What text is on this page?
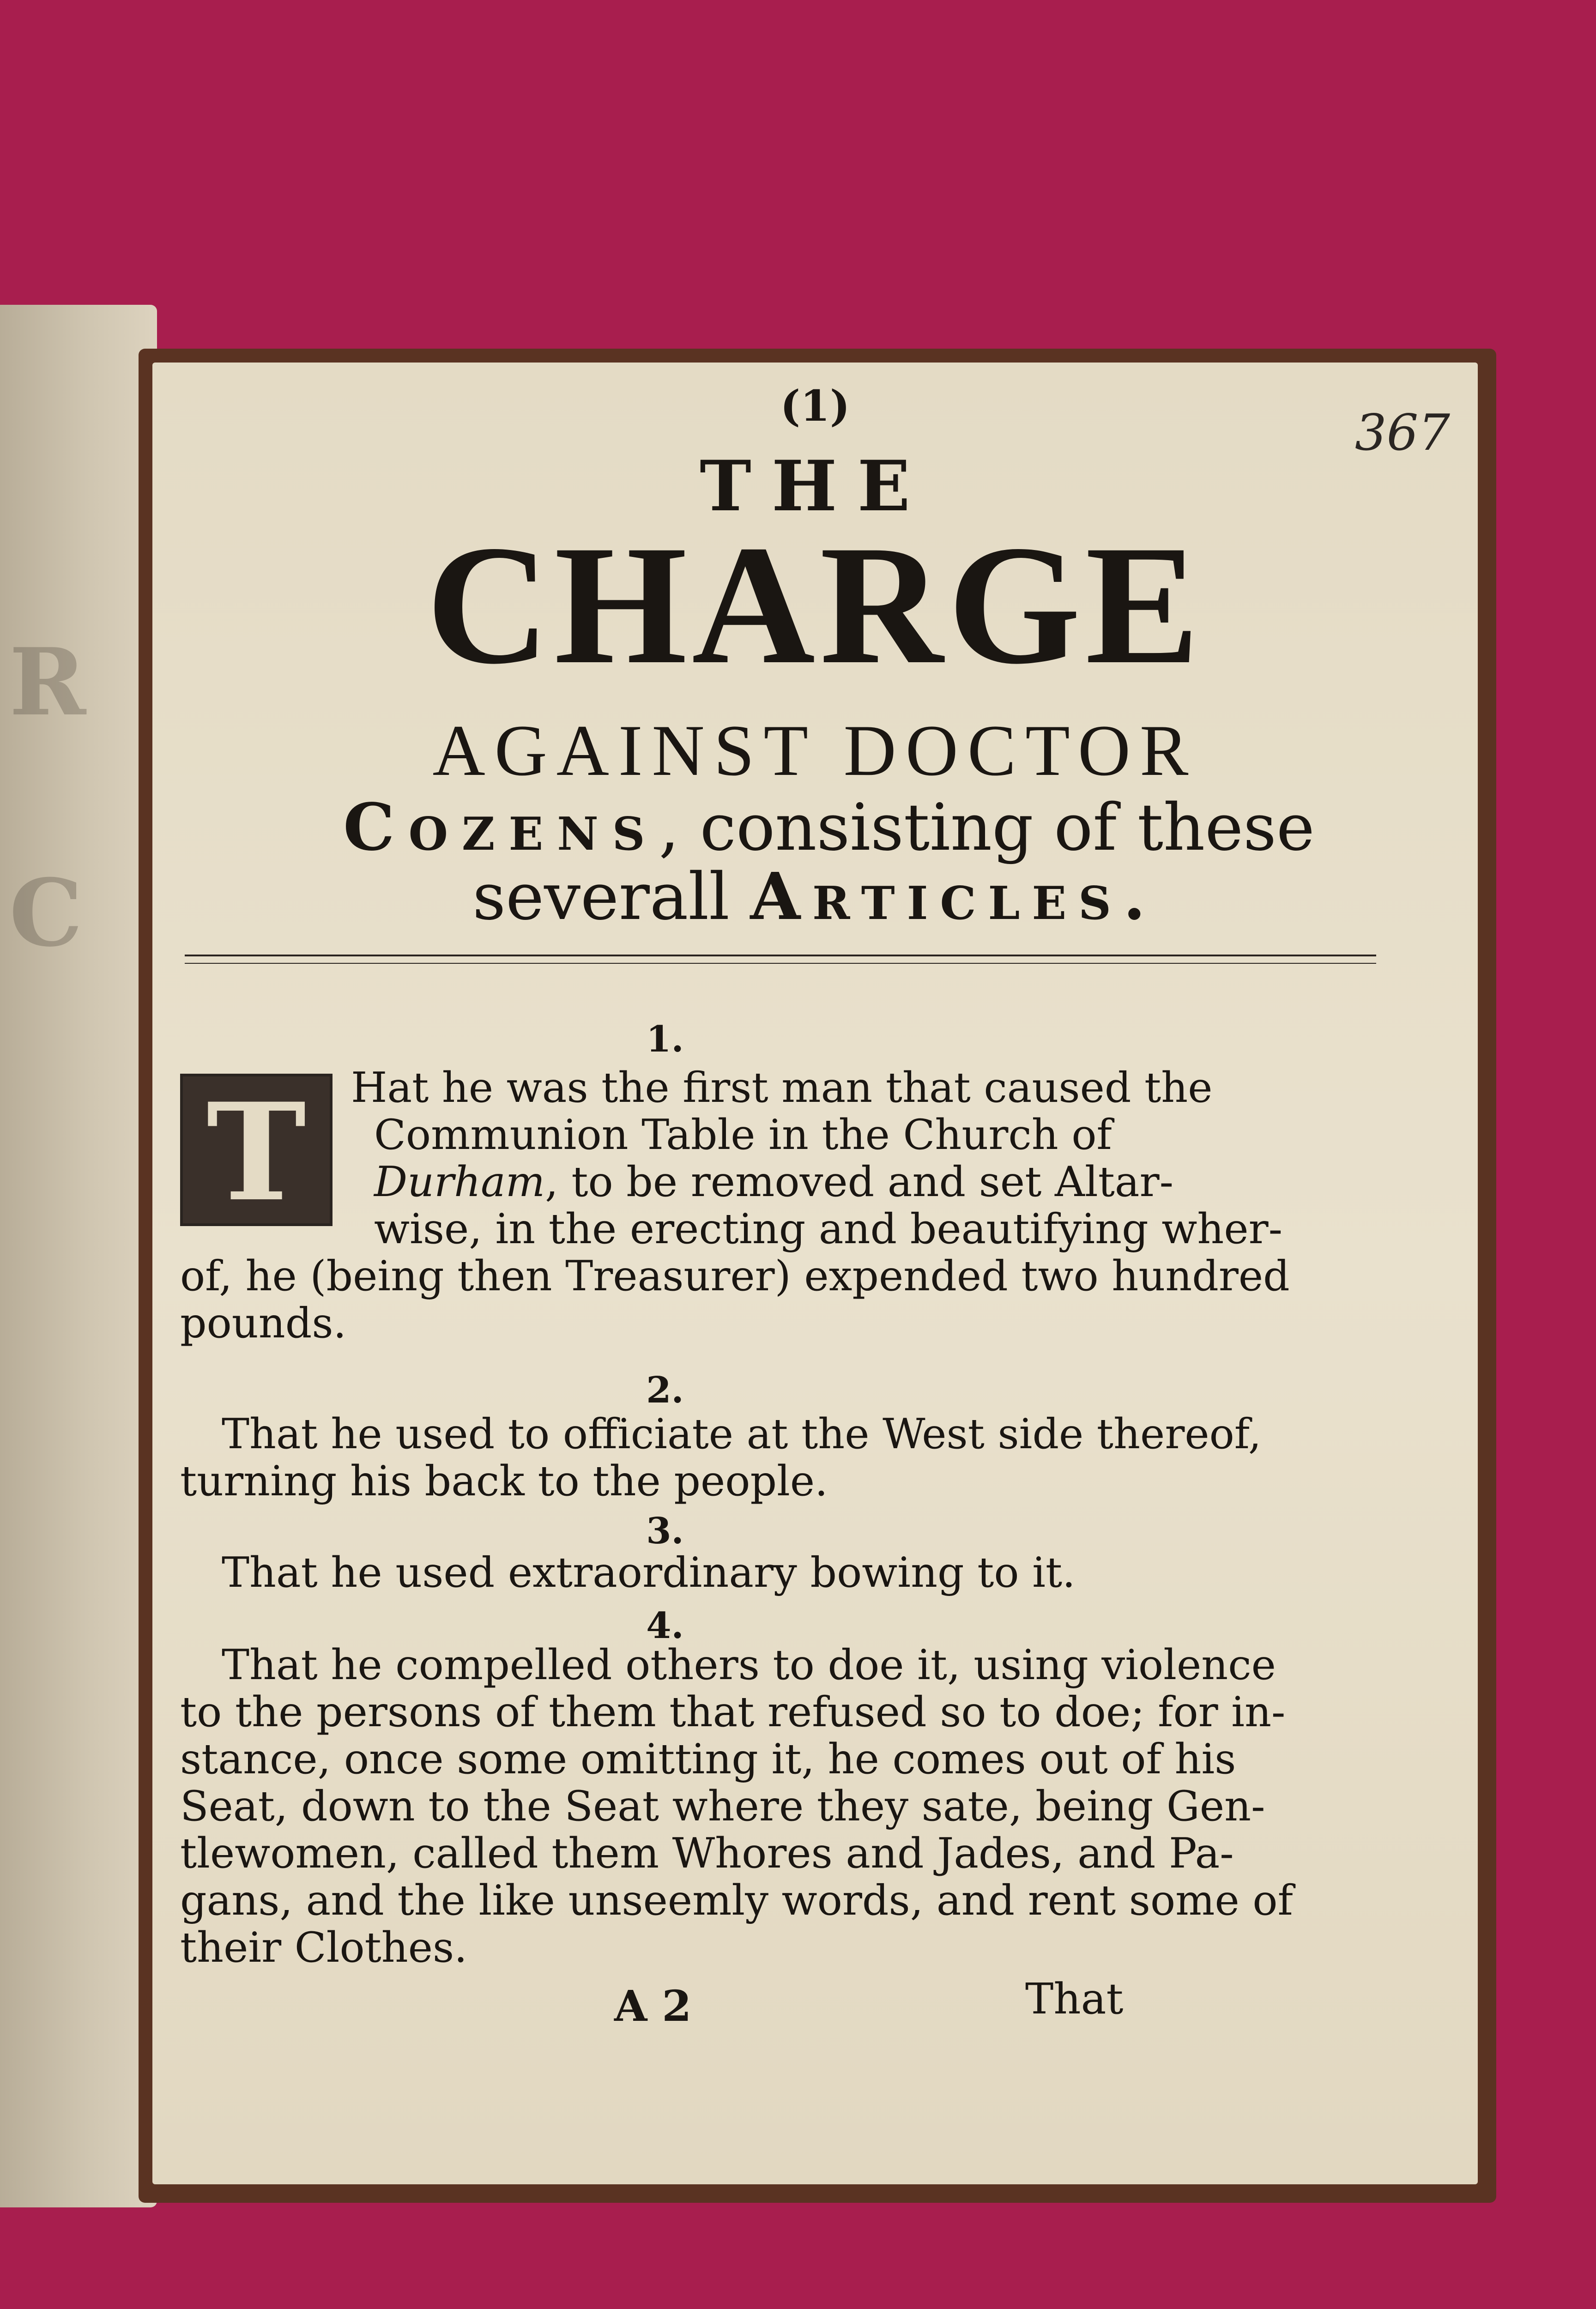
R
C
(1)	367
THE
CHARGE
AGAINST DOCTOR
Cozens, consisting of these
severall Articles.
1.
T	Hat he was the first man that caused the
Communion Table in the Church of
Durham, to be removed and set Altar-
wise, in the erecting and beautifying wher-
of, he (being then Treasurer) expended two hundred
pounds.
2.
That he used to officiate at the West side thereof,
turning his back to the people.
3.
That he used extraordinary bowing to it.
4.
That he compelled others to doe it, using violence
to the persons of them that refused so to doe; for in-
stance, once some omitting it, he comes out of his
Seat, down to the Seat where they sate, being Gen-
tlewomen, called them Whores and Jades, and Pa-
gans, and the like unseemly words, and rent some of
their Clothes.
A 2	That
